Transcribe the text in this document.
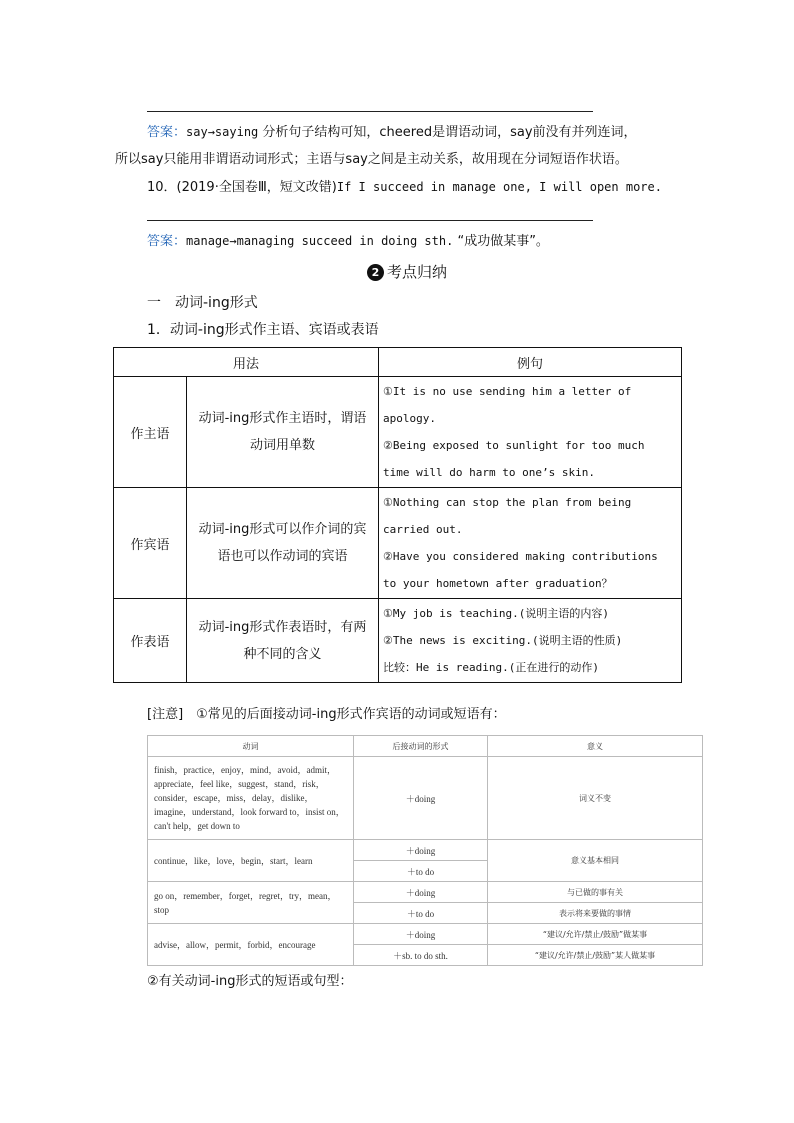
答案：say→saying 分析句子结构可知，cheered是谓语动词，say前没有并列连词，
所以say只能用非谓语动词形式；主语与say之间是主动关系，故用现在分词短语作状语。
10．(2019·全国卷Ⅲ，短文改错)If I succeed in manage one, I will open more.
答案：manage→managing succeed in doing sth. “成功做某事”。
2 考点归纳
一　动词-ing形式
1．动词-ing形式作主语、宾语或表语
用法		例句
作主语	动词-ing形式作主语时，谓语动词用单数	①It is no use sending him a letter of apology.
②Being exposed to sunlight for too much time will do harm to one’s skin.

作宾语	动词-ing形式可以作介词的宾语也可以作动词的宾语	①Nothing can stop the plan from being carried out.
②Have you considered making contributions to your hometown after graduation？

作表语	动词-ing形式作表语时，有两种不同的含义	①My job is teaching.(说明主语的内容)
②The news is exciting.(说明主语的性质)
比较：He is reading.(正在进行的动作)
[注意]　①常见的后面接动词-ing形式作宾语的动词或短语有：
动词	后接动词的形式	意义
finish，practice，enjoy，mind，avoid，admit，appreciate，feel like，suggest，stand，risk，consider，escape，miss，delay，dislike，imagine，understand，look forward to，insist on，can't help，get down to	＋doing	词义不变
continue，like，love，begin，start，learn	＋doing	意义基本相同
	＋to do	
go on，remember，forget，regret，try，mean，stop	＋doing	与已做的事有关
	＋to do	表示将来要做的事情
advise，allow，permit，forbid，encourage	＋doing	“建议/允许/禁止/鼓励”做某事
	＋sb. to do sth.	“建议/允许/禁止/鼓励”某人做某事
②有关动词-ing形式的短语或句型：
